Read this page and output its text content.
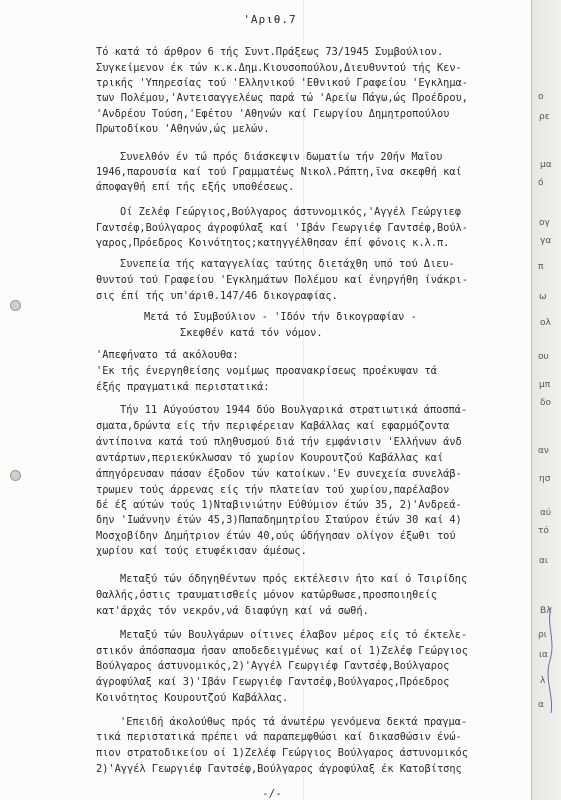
'Αριθ.7
Τό κατά τό άρθρον 6 τής Συντ.Πράξεως 73/1945 Συμβούλιον.
Συγκείμενον έκ τών κ.κ.Δημ.Κιουσοπούλου,Διευθυντού τής Κεν-
τρικής 'Υπηρεσίας τού 'Ελληνικού 'Εθνικού Γραφείου 'Εγκλημα-
των Πολέμου,'Αντεισαγγελέως παρά τώ 'Αρείω Πάγω,ώς Προέδρου,
'Ανδρέου Τούση,'Εφέτου 'Αθηνών καί Γεωργίου Δημητροπούλου
Πρωτοδίκου 'Αθηνών,ώς μελών.
Συνελθόν έν τώ πρός διάσκεψιν δωματίω τήν 20ήν Μαΐου
1946,παρουσία καί τού Γραμματέως Νικολ.Ράπτη,ΐνα σκεφθή καί
άποφαγθή επί τής εξής υποθέσεως.
Οί Ζελέφ Γεώργιος,Βούλγαρος άστυνομικός,'Αγγέλ Γεώργιεφ
Γαντσέφ,Βούλγαρος άγροφύλαξ καί 'Ιβάν Γεωργιέφ Γαντσέφ,Βούλ-
γαρος,Πρόεδρος Κοινότητος;κατηγγέλθησαν έπί φόνοις κ.λ.π.
Συνεπεία τής καταγγελίας ταύτης διετάχθη υπό τού Διευ-
θυντού τού Γραφείου 'Εγκλημάτων Πολέμου καί ένηργήθη ίνάκρι-
σις έπί τής υπ'άριθ.147/46 δικογραφίας.
Μετά τό Συμβούλιον - 'Ιδόν τήν δικογραφίαν -
Σκεφθέν κατά τόν νόμον.
'Απεφήνατο τά ακόλουθα:
'Εκ τής ένεργηθείσης νομίμως προανακρίσεως προέκυψαν τά
έξής πραγματικά περιστατικά:
Τήν 11 Αύγούστου 1944 δύο Βουλγαρικά στρατιωτικά άποσπά-
σματα,δρώντα είς τήν περιφέρειαν Καβάλλας καί εφαρμόζοντα
άντίποινα κατά τού πληθυσμού διά τήν εμφάνισιν 'Ελλήνων άνδ
αντάρτων,περιεκύκλωσαν τό χωρίον Κουρουτζού Καβάλλας καί
άπηγόρευσαν πάσαν έξοδον τών κατοίκων.'Εν συνεχεία συνελάβ-
τρωμεν τούς άρρενας είς τήν πλατείαν τού χωρίου,παρέλαβον
δέ έξ αύτών τούς 1)Νταβινιώτην Εύθύμιον έτών 35, 2)'Ανδρεά-
δην 'Ιωάννην έτών 45,3)Παπαδημητρίου Σταύρον έτών 30 καί 4)
Μοσχοβίδην Δημήτριον έτών 40,ούς ώδήγησαν ολίγον έξωθι τού
χωρίου καί τούς ετυφέκισαν άμέσως.
Μεταξύ τών όδηγηθέντων πρός εκτέλεσιν ήτο καί ό Τσιρίδης
Θαλλής,όστις τραυματισθείς μόνον κατώρθωσε,προσποιηθείς
κατ'άρχάς τόν νεκρόν,νά διαφύγη καί νά σωθή.
Μεταξύ τών Βουλγάρων οίτινες έλαβον μέρος είς τό έκτελε-
στικόν άπόσπασμα ήσαν αποδεδειγμένως καί οί 1)Ζελέφ Γεώργιος
Βούλγαρος άστυνομικός,2)'Αγγέλ Γεωργιέφ Γαντσέφ,Βούλγαρος
άγροφύλαξ καί 3)'Ιβάν Γεωργιέφ Γαντσέφ,Βούλγαρος,Πρόεδρος
Κοινότητος Κουρουτζού Καβάλλας.
'Επειδή άκολούθως πρός τά άνωτέρω γενόμενα δεκτά πραγμα-
τικά περιστατικά πρέπει νά παραπεμφθώσι καί δικασθώσιν ένώ-
πιον στρατοδικείου οί 1)Ζελέφ Γεώργιος Βούλγαρος άστυνομικός
2)'Αγγέλ Γεωργιέφ Γαντσέφ,Βούλγαρος άγροφύλαξ έκ Κατοβίτσης
-/-
ο
ρε
μα
ό
ογ
γα
π
ω
ολ
ου
μπ
δο
αν
ησ
αύ
τό
αι
Βλ
ρι
ια
λ
α
